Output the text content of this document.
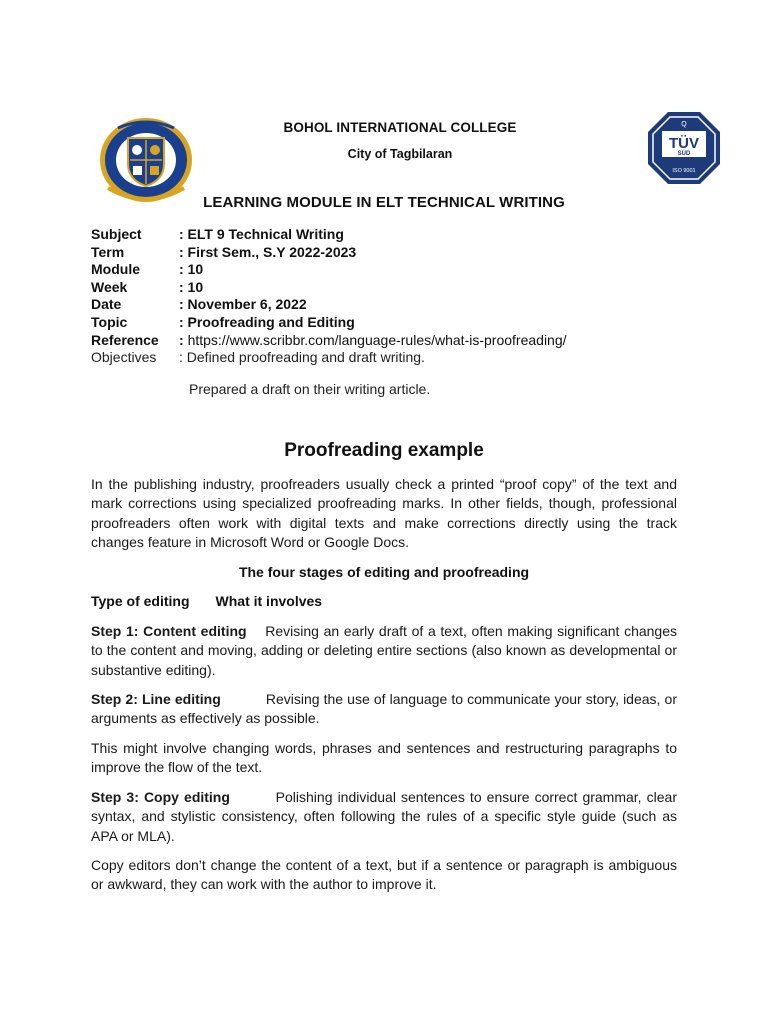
Q
TÜV
SÜD
ISO 9001
BOHOL INTERNATIONAL COLLEGE
City of Tagbilaran
LEARNING MODULE IN ELT TECHNICAL WRITING
Subject	: ELT 9 Technical Writing
Term	: First Sem., S.Y 2022-2023
Module	: 10
Week	: 10
Date	: November 6, 2022
Topic	: Proofreading and Editing
Reference	: https://www.scribbr.com/language-rules/what-is-proofreading/
Objectives	: Defined proofreading and draft writing.
Prepared a draft on their writing article.
Proofreading example
In the publishing industry, proofreaders usually check a printed “proof copy” of the text and mark corrections using specialized proofreading marks. In other fields, though, professional proofreaders often work with digital texts and make corrections directly using the track changes feature in Microsoft Word or Google Docs.
The four stages of editing and proofreading
Type of editing What it involves
Step 1: Content editing Revising an early draft of a text, often making significant changes to the content and moving, adding or deleting entire sections (also known as developmental or substantive editing).
Step 2: Line editing	Revising the use of language to communicate your story, ideas, or arguments as effectively as possible.
This might involve changing words, phrases and sentences and restructuring paragraphs to improve the flow of the text.
Step 3: Copy editing	Polishing individual sentences to ensure correct grammar, clear syntax, and stylistic consistency, often following the rules of a specific style guide (such as APA or MLA).
Copy editors don’t change the content of a text, but if a sentence or paragraph is ambiguous or awkward, they can work with the author to improve it.
